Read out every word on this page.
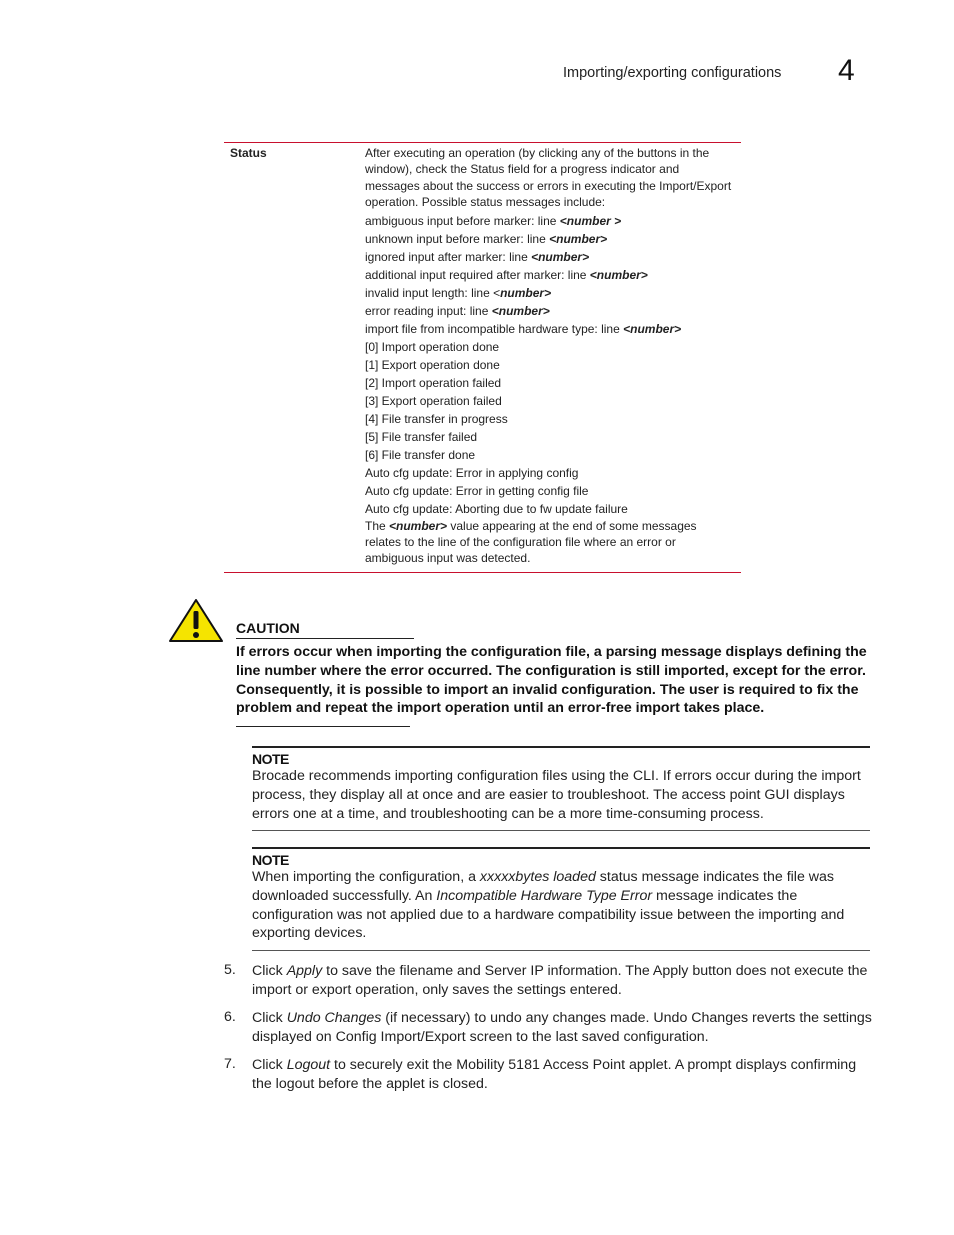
Importing/exporting configurations 4
Status	After executing an operation (by clicking any of the buttons in the window), check the Status field for a progress indicator and messages about the success or errors in executing the Import/Export operation. Possible status messages include:

ambiguous input before marker: line <number >

unknown input before marker: line <number>

ignored input after marker: line <number>

additional input required after marker: line <number>

invalid input length: line <number>

error reading input: line <number>

import file from incompatible hardware type: line <number>

[0] Import operation done

[1] Export operation done

[2] Import operation failed

[3] Export operation failed

[4] File transfer in progress

[5] File transfer failed

[6] File transfer done

Auto cfg update: Error in applying config

Auto cfg update: Error in getting config file

Auto cfg update: Aborting due to fw update failure

The <number> value appearing at the end of some messages relates to the line of the configuration file where an error or ambiguous input was detected.

CAUTION
If errors occur when importing the configuration file, a parsing message displays defining the line number where the error occurred. The configuration is still imported, except for the error. Consequently, it is possible to import an invalid configuration. The user is required to fix the problem and repeat the import operation until an error-free import takes place.
NOTE
Brocade recommends importing configuration files using the CLI. If errors occur during the import process, they display all at once and are easier to troubleshoot. The access point GUI displays errors one at a time, and troubleshooting can be a more time-consuming process.
NOTE
When importing the configuration, a xxxxxbytes loaded status message indicates the file was downloaded successfully. An Incompatible Hardware Type Error message indicates the configuration was not applied due to a hardware compatibility issue between the importing and exporting devices.
5. Click Apply to save the filename and Server IP information. The Apply button does not execute the import or export operation, only saves the settings entered.
6. Click Undo Changes (if necessary) to undo any changes made. Undo Changes reverts the settings displayed on Config Import/Export screen to the last saved configuration.
7. Click Logout to securely exit the Mobility 5181 Access Point applet. A prompt displays confirming the logout before the applet is closed.
